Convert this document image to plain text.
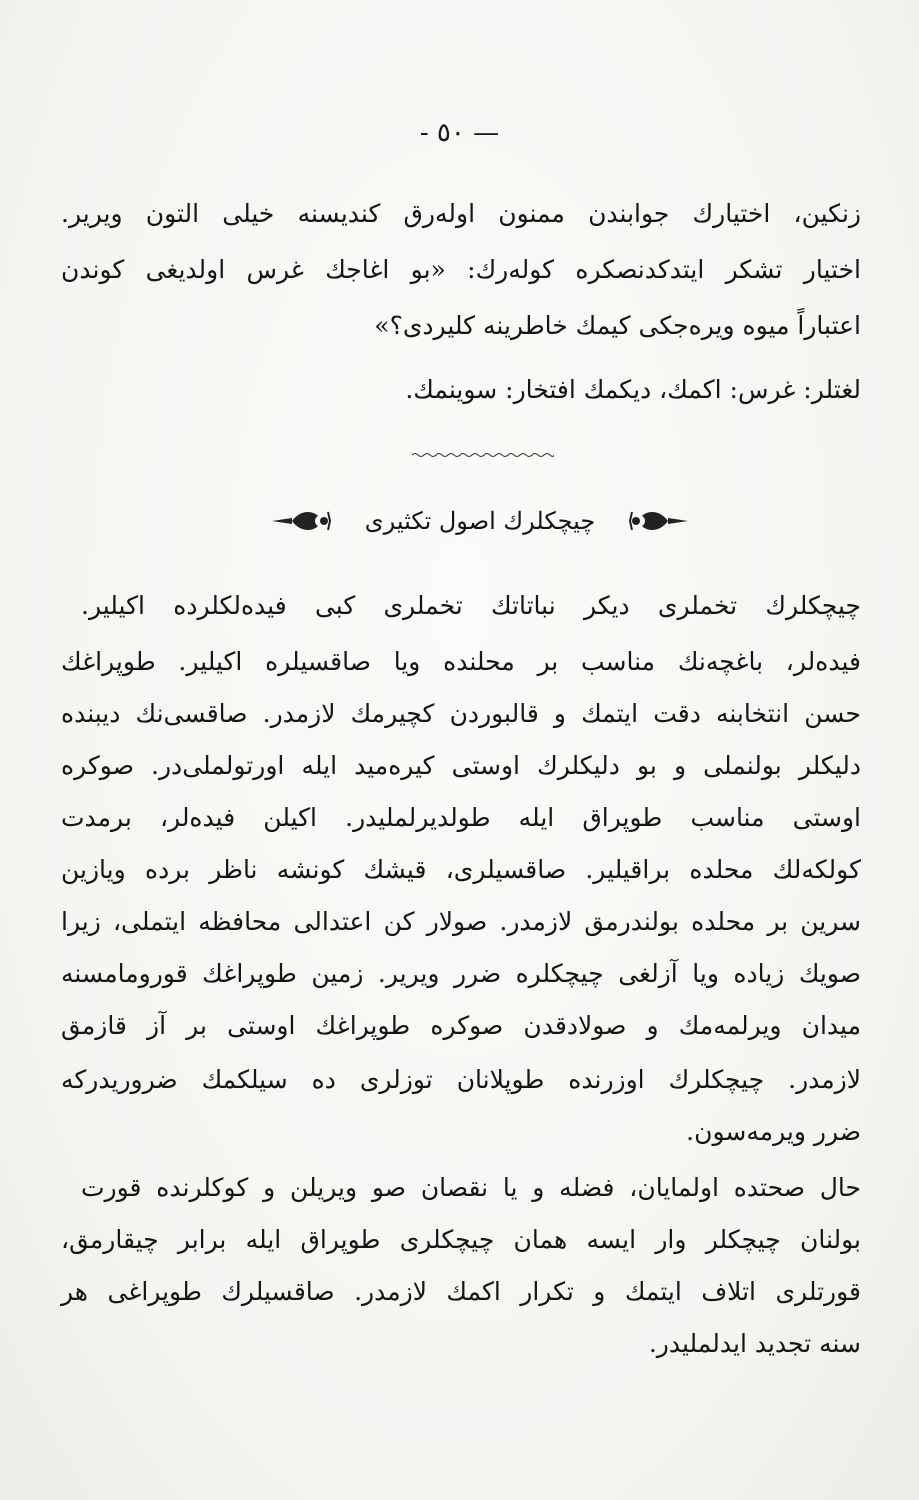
- ٥٠ —
زنكين، اختيارك جوابندن ممنون اوله‌رق كنديسنه خيلى التون ويرير.
اختيار تشكر ايتدكدنصكره كوله‌رك: «بو اغاجك غرس اولديغى كوندن
اعتباراً ميوه ويره‌جكى كيمك خاطرينه كليردى؟»
لغتلر: غرس: اكمك، ديكمك افتخار: سوينمك.
چيچكلرك اصول تكثيرى
چيچكلرك تخملرى ديكر نباتاتك تخملرى كبى فيده‌لكلرده اكيلير.
فيده‌لر، باغچه‌نك مناسب بر محلنده ويا صاقسيلره اكيلير. طوپراغك
حسن انتخابنه دقت ايتمك و قالبوردن كچيرمك لازمدر. صاقسى‌نك ديبنده
دليكلر بولنملى و بو دليكلرك اوستى كيره‌ميد ايله اورتولملى‌در. صوكره
اوستى مناسب طوپراق ايله طولديرلمليدر. اكيلن فيده‌لر، برمدت
كولكه‌لك محلده براقيلير. صاقسيلرى، قيشك كونشه ناظر برده وياز‌ين
سرين بر محلده بولندرمق لازمدر. صولار كن اعتدالى محافظه ايتملى، زيرا
صويك زياده ويا آزلغى چيچكلره ضرر ويرير. زمين طوپراغك قورومامسنه
ميدان ويرلمه‌مك و صولادقدن صوكره طوپراغك اوستى بر آز قازمق
لازمدر. چيچكلرك اوزرنده طوپلانان توزلرى ده سيلكمك ضروريدركه
ضرر ويرمه‌سون.
حال صحتده اولمايان، فضله و يا نقصان صو ويريلن و كوكلرنده قورت
بولنان چيچكلر وار ايسه همان چيچكلرى طوپراق ايله برابر چيقارمق،
قورتلرى اتلاف ايتمك و تكرار اكمك لازمدر. صاقسيلرك طوپراغى هر
سنه تجديد ايدلمليدر.
